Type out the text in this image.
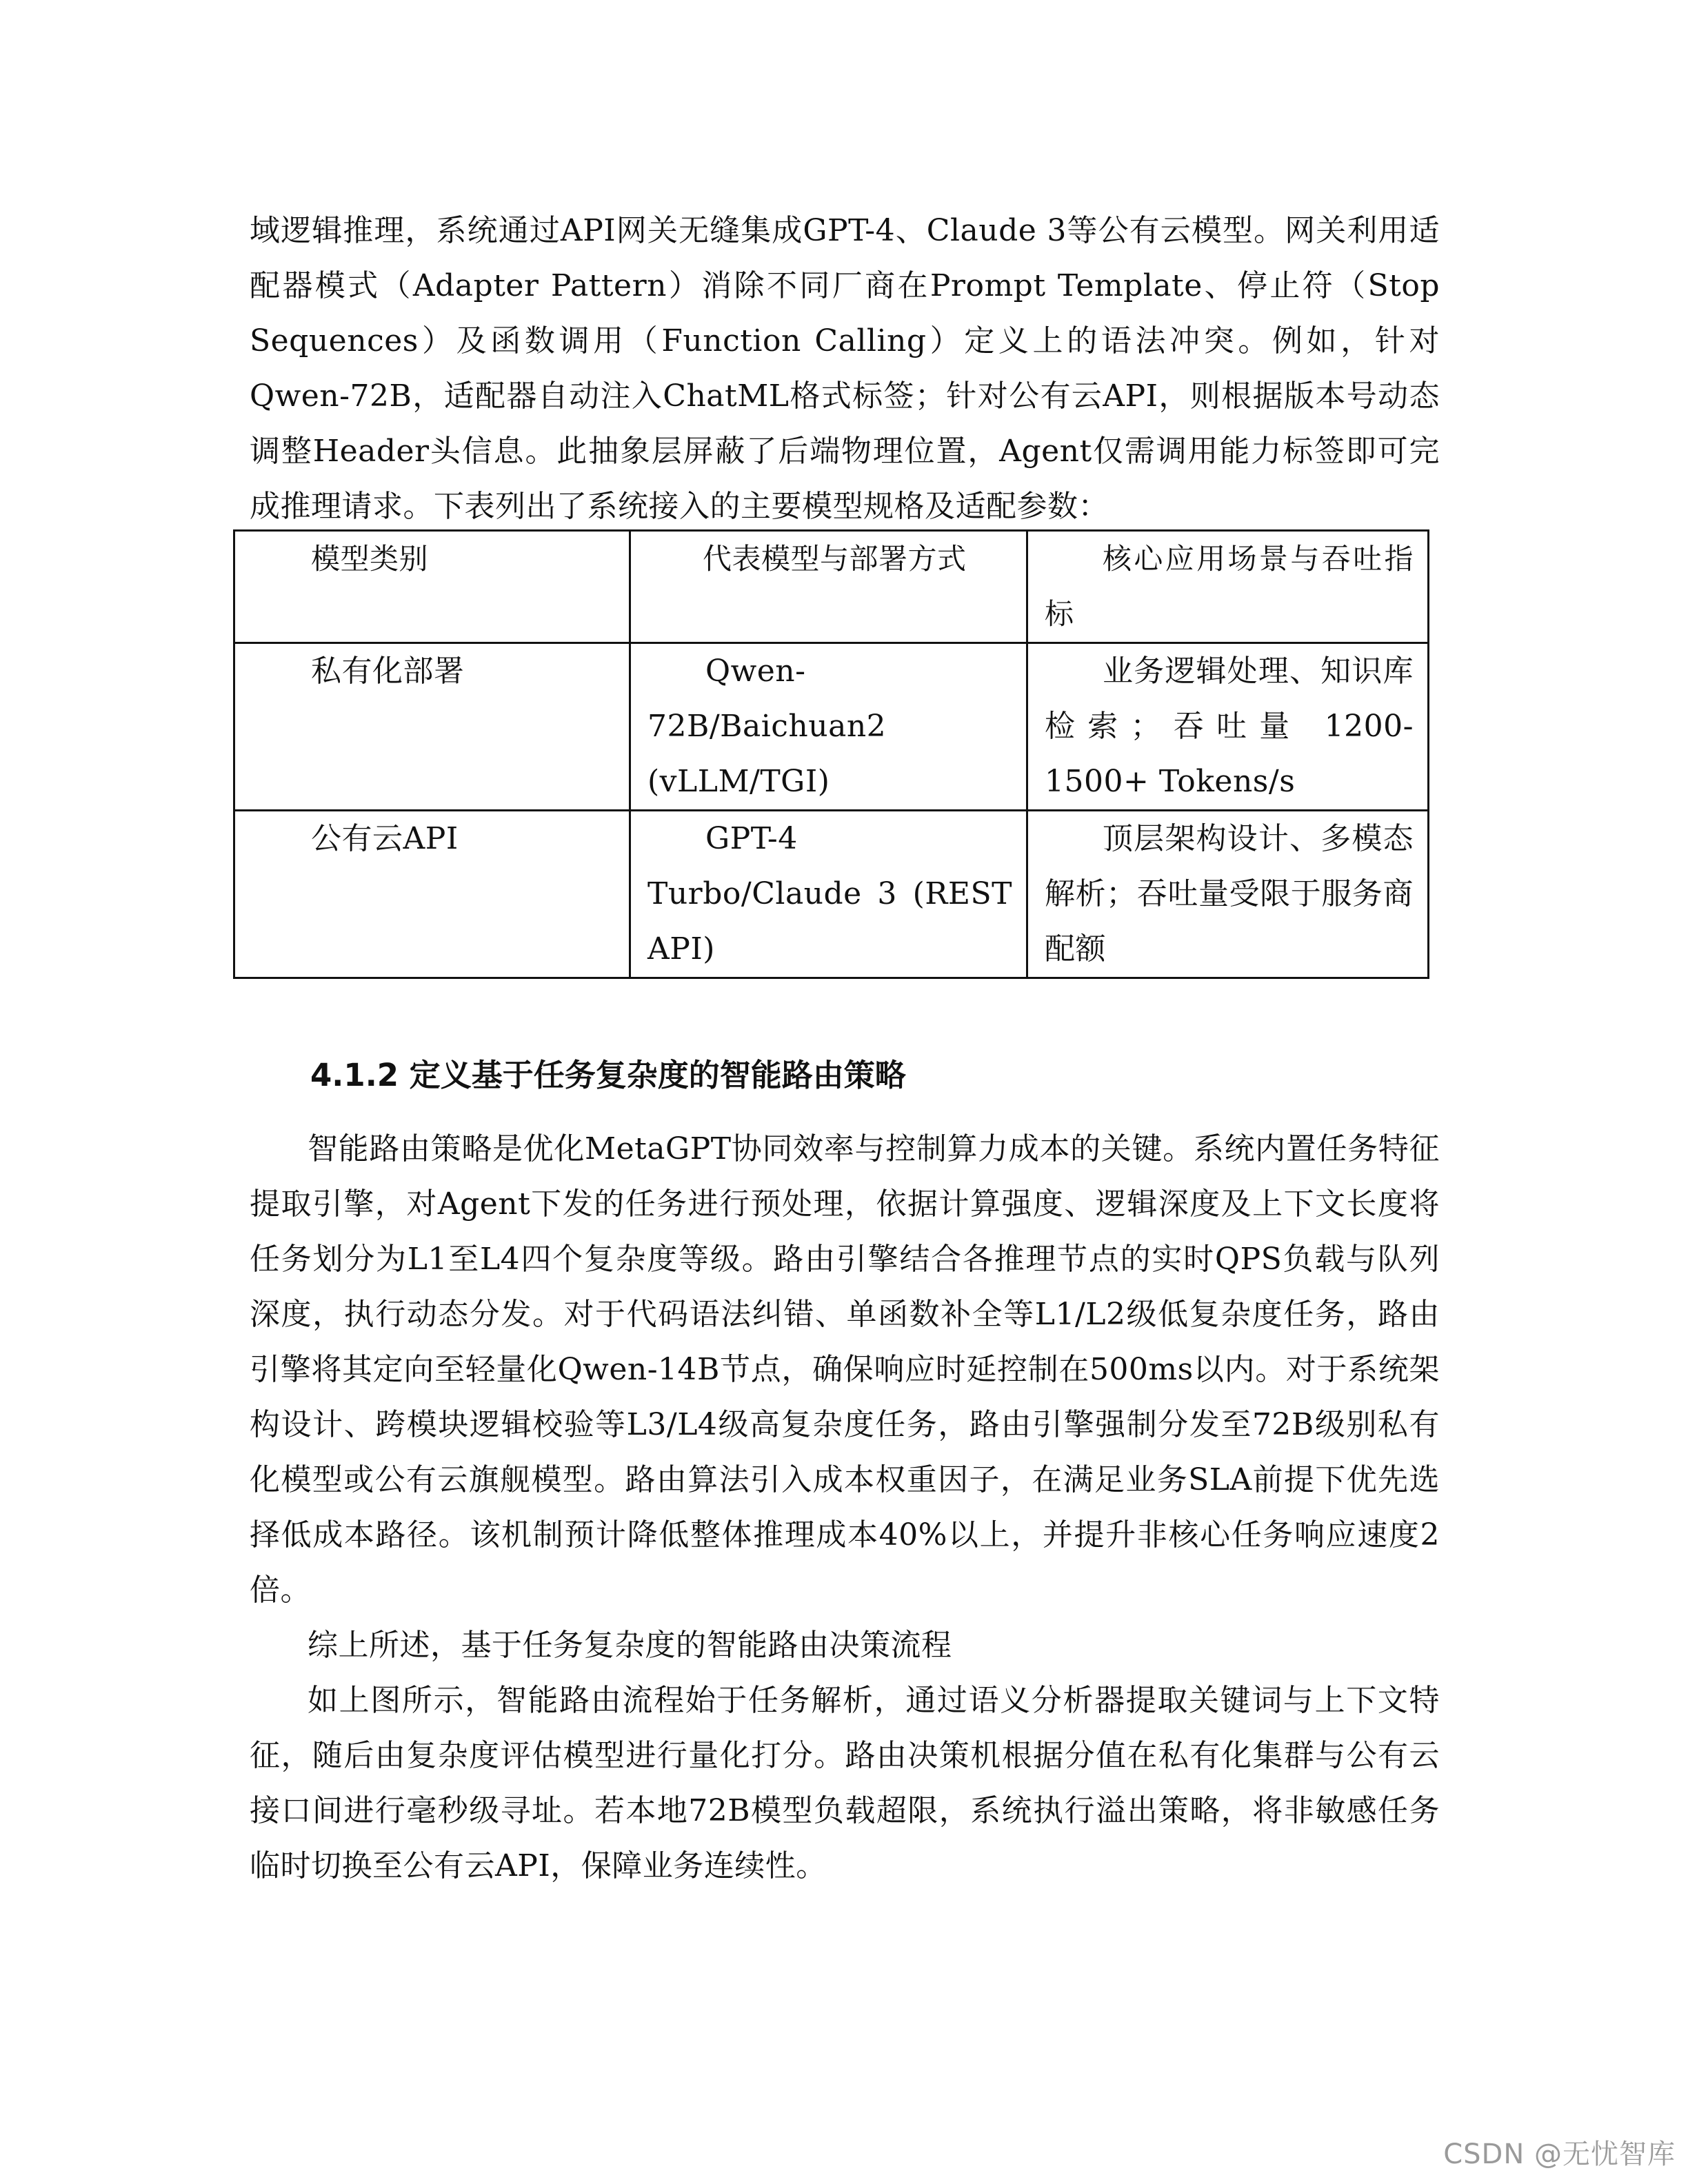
域逻辑推理，系统通过API网关无缝集成GPT-4、Claude 3等公有云模型。网关利用适配器模式（Adapter Pattern）消除不同厂商在Prompt Template、停止符（Stop Sequences）及函数调用（Function Calling）定义上的语法冲突。例如，针对Qwen-72B，适配器自动注入ChatML格式标签；针对公有云API，则根据版本号动态调整Header头信息。此抽象层屏蔽了后端物理位置，Agent仅需调用能力标签即可完成推理请求。下表列出了系统接入的主要模型规格及适配参数：

模型类别	代表模型与部署方式	核心应用场景与吞吐指标
私有化部署	Qwen-72B/Baichuan2 (vLLM/TGI)	业务逻辑处理、知识库检索；吞吐量 1200-1500+ Tokens/s
公有云API	GPT-4 Turbo/Claude 3 (REST API)	顶层架构设计、多模态解析；吞吐量受限于服务商配额
4.1.2 定义基于任务复杂度的智能路由策略

智能路由策略是优化MetaGPT协同效率与控制算力成本的关键。系统内置任务特征提取引擎，对Agent下发的任务进行预处理，依据计算强度、逻辑深度及上下文长度将任务划分为L1至L4四个复杂度等级。路由引擎结合各推理节点的实时QPS负载与队列深度，执行动态分发。对于代码语法纠错、单函数补全等L1/L2级低复杂度任务，路由引擎将其定向至轻量化Qwen-14B节点，确保响应时延控制在500ms以内。对于系统架构设计、跨模块逻辑校验等L3/L4级高复杂度任务，路由引擎强制分发至72B级别私有化模型或公有云旗舰模型。路由算法引入成本权重因子，在满足业务SLA前提下优先选择低成本路径。该机制预计降低整体推理成本40%以上，并提升非核心任务响应速度2倍。

综上所述，基于任务复杂度的智能路由决策流程

如上图所示，智能路由流程始于任务解析，通过语义分析器提取关键词与上下文特征，随后由复杂度评估模型进行量化打分。路由决策机根据分值在私有化集群与公有云接口间进行毫秒级寻址。若本地72B模型负载超限，系统执行溢出策略，将非敏感任务临时切换至公有云API，保障业务连续性。

CSDN @无忧智库
